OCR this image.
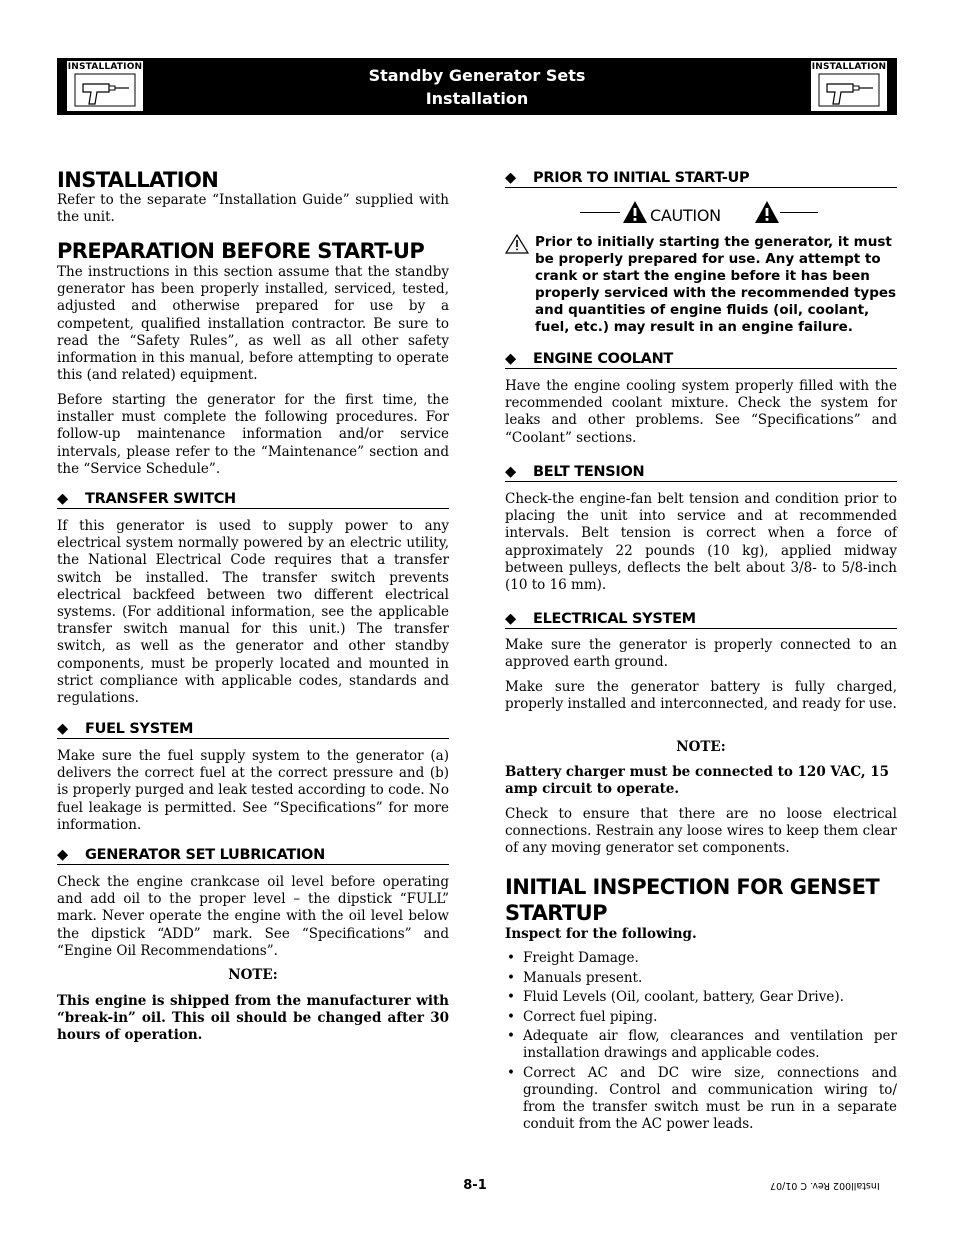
INSTALLATION	Standby Generator Sets
Installation
INSTALLATION
INSTALLATION

Refer to the separate “Installation Guide” supplied with the unit.

PREPARATION BEFORE START-UP

The instructions in this section assume that the standby generator has been properly installed, serviced, tested, adjusted and otherwise prepared for use by a competent, qualified installation contractor. Be sure to read the “Safety Rules”, as well as all other safety information in this manual, before attempting to operate this (and related) equipment.

Before starting the generator for the first time, the installer must complete the following procedures. For follow-up maintenance information and/or service intervals, please refer to the “Maintenance” section and the “Service Schedule”.

◆ TRANSFER SWITCH

If this generator is used to supply power to any electrical system normally powered by an electric utility, the National Electrical Code requires that a transfer switch be installed. The transfer switch prevents electrical backfeed between two different electrical systems. (For additional information, see the applicable transfer switch manual for this unit.) The transfer switch, as well as the generator and other standby components, must be properly located and mounted in strict compliance with applicable codes, standards and regulations.

◆ FUEL SYSTEM

Make sure the fuel supply system to the generator (a) delivers the correct fuel at the correct pressure and (b) is properly purged and leak tested according to code. No fuel leakage is permitted. See “Specifications” for more information.

◆ GENERATOR SET LUBRICATION

Check the engine crankcase oil level before operating and add oil to the proper level – the dipstick “FULL” mark. Never operate the engine with the oil level below the dipstick “ADD” mark. See “Specifications” and “Engine Oil Recommendations”.

NOTE:

This engine is shipped from the manufacturer with “break-in” oil. This oil should be changed after 30 hours of operation.

◆ PRIOR TO INITIAL START-UP
CAUTION
Prior to initially starting the generator, it must be properly prepared for use. Any attempt to crank or start the engine before it has been properly serviced with the recommended types and quantities of engine fluids (oil, coolant, fuel, etc.) may result in an engine failure.
◆ ENGINE COOLANT

Have the engine cooling system properly filled with the recommended coolant mixture. Check the system for leaks and other problems. See “Specifications” and “Coolant” sections.

◆ BELT TENSION

Check-the engine-fan belt tension and condition prior to placing the unit into service and at recommended intervals. Belt tension is correct when a force of approximately 22 pounds (10 kg), applied midway between pulleys, deflects the belt about 3/8- to 5/8-inch (10 to 16 mm).

◆ ELECTRICAL SYSTEM

Make sure the generator is properly connected to an approved earth ground.

Make sure the generator battery is fully charged, properly installed and interconnected, and ready for use.

NOTE:

Battery charger must be connected to 120 VAC, 15 amp circuit to operate.

Check to ensure that there are no loose electrical connections. Restrain any loose wires to keep them clear of any moving generator set components.

INITIAL INSPECTION FOR GENSET
STARTUP

Inspect for the following.

• Freight Damage.
• Manuals present.
• Fluid Levels (Oil, coolant, battery, Gear Drive).
• Correct fuel piping.
• Adequate air flow, clearances and ventilation per installation drawings and applicable codes.
• Correct AC and DC wire size, connections and grounding. Control and communication wiring to/ from the transfer switch must be run in a separate conduit from the AC power leads.
8-1	Install002 Rev. C 01/07
